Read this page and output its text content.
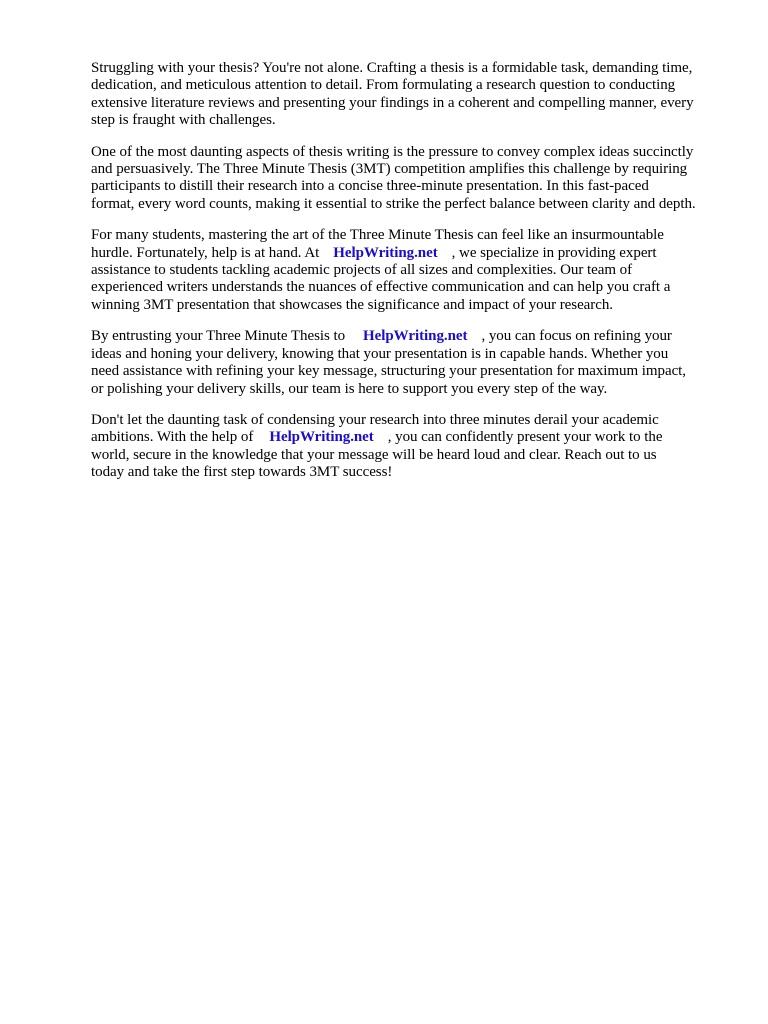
Struggling with your thesis? You're not alone. Crafting a thesis is a formidable task, demanding time,
dedication, and meticulous attention to detail. From formulating a research question to conducting
extensive literature reviews and presenting your findings in a coherent and compelling manner, every
step is fraught with challenges.

One of the most daunting aspects of thesis writing is the pressure to convey complex ideas succinctly
and persuasively. The Three Minute Thesis (3MT) competition amplifies this challenge by requiring
participants to distill their research into a concise three-minute presentation. In this fast-paced
format, every word counts, making it essential to strike the perfect balance between clarity and depth.

For many students, mastering the art of the Three Minute Thesis can feel like an insurmountable
hurdle. Fortunately, help is at hand. At HelpWriting.net , we specialize in providing expert
assistance to students tackling academic projects of all sizes and complexities. Our team of
experienced writers understands the nuances of effective communication and can help you craft a
winning 3MT presentation that showcases the significance and impact of your research.

By entrusting your Three Minute Thesis to HelpWriting.net , you can focus on refining your
ideas and honing your delivery, knowing that your presentation is in capable hands. Whether you
need assistance with refining your key message, structuring your presentation for maximum impact,
or polishing your delivery skills, our team is here to support you every step of the way.

Don't let the daunting task of condensing your research into three minutes derail your academic
ambitions. With the help of HelpWriting.net , you can confidently present your work to the
world, secure in the knowledge that your message will be heard loud and clear. Reach out to us
today and take the first step towards 3MT success!
